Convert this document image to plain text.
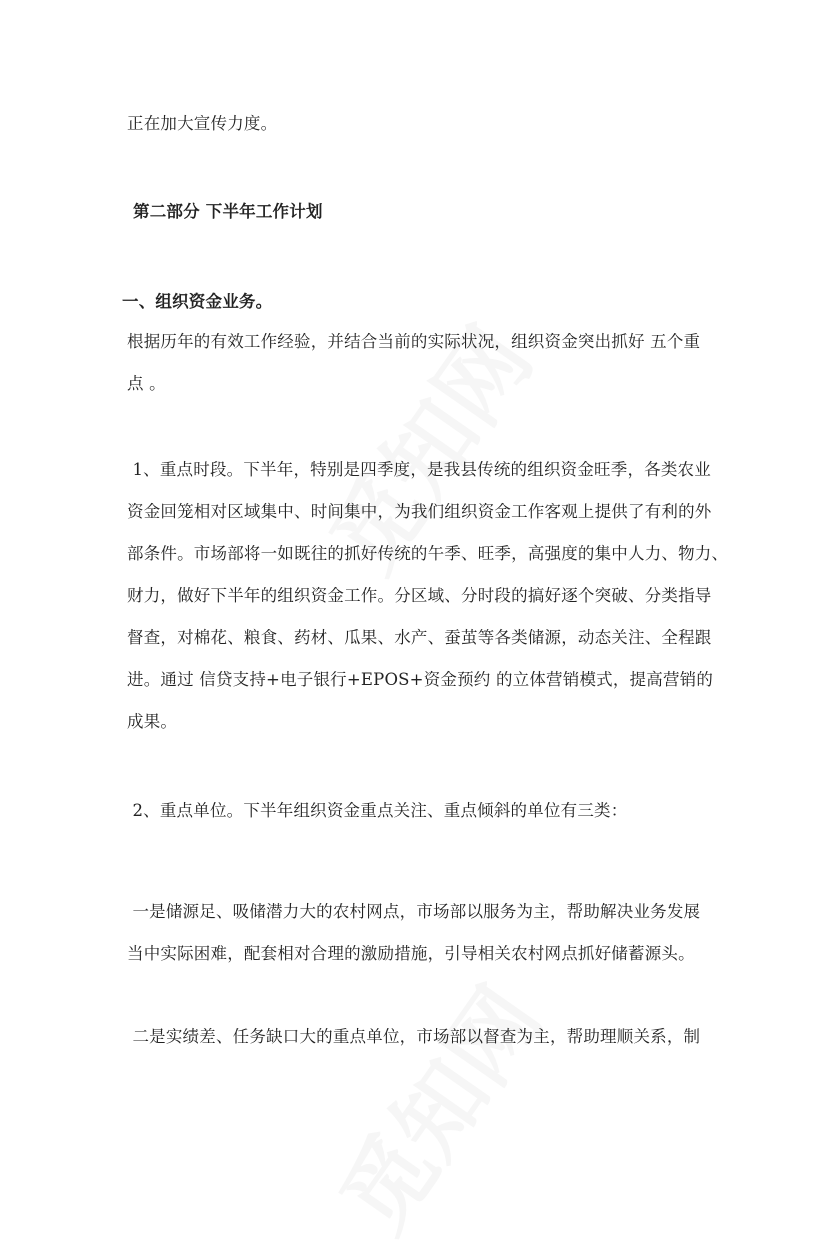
正在加大宣传力度。
第二部分 下半年工作计划
一、组织资金业务。
根据历年的有效工作经验，并结合当前的实际状况，组织资金突出抓好 五个重
点 。
1、重点时段。下半年，特别是四季度，是我县传统的组织资金旺季，各类农业
资金回笼相对区域集中、时间集中，为我们组织资金工作客观上提供了有利的外
部条件。市场部将一如既往的抓好传统的午季、旺季，高强度的集中人力、物力、
财力，做好下半年的组织资金工作。分区域、分时段的搞好逐个突破、分类指导
督查，对棉花、粮食、药材、瓜果、水产、蚕茧等各类储源，动态关注、全程跟
进。通过 信贷支持+电子银行+EPOS+资金预约 的立体营销模式，提高营销的
成果。
2、重点单位。下半年组织资金重点关注、重点倾斜的单位有三类：
一是储源足、吸储潜力大的农村网点，市场部以服务为主，帮助解决业务发展
当中实际困难，配套相对合理的激励措施，引导相关农村网点抓好储蓄源头。
二是实绩差、任务缺口大的重点单位，市场部以督查为主，帮助理顺关系，制
